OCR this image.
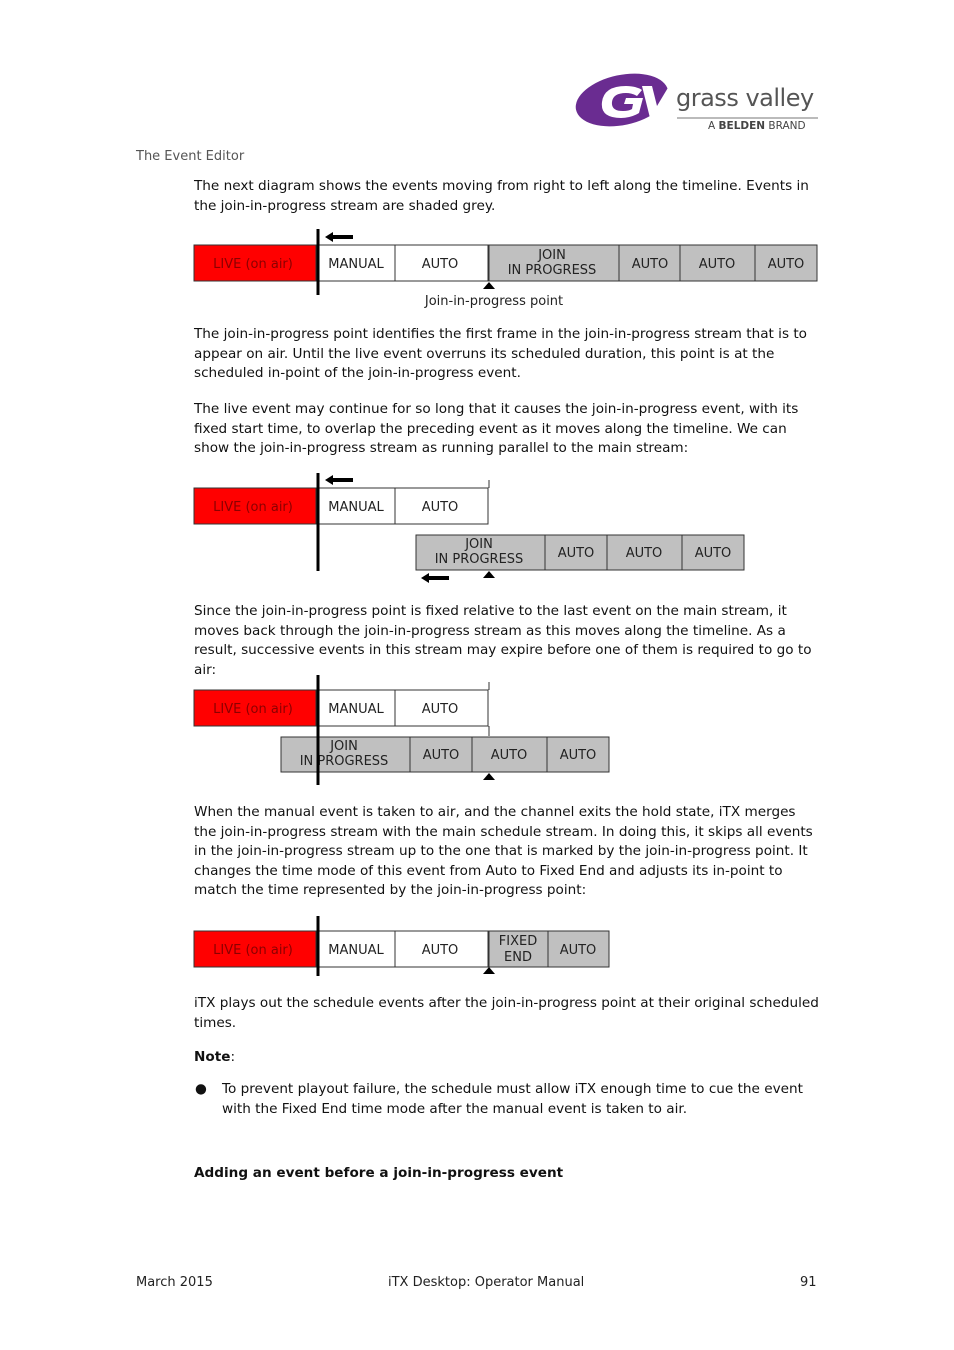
grass valley
A BELDEN BRAND
The Event Editor
The next diagram shows the events moving from right to left along the timeline. Events in the join-in-progress stream are shaded grey.
The join-in-progress point identifies the first frame in the join-in-progress stream that is to appear on air. Until the live event overruns its scheduled duration, this point is at the scheduled in-point of the join-in-progress event.
The live event may continue for so long that it causes the join-in-progress event, with its fixed start time, to overlap the preceding event as it moves along the timeline. We can show the join-in-progress stream as running parallel to the main stream:
Since the join-in-progress point is fixed relative to the last event on the main stream, it moves back through the join-in-progress stream as this moves along the timeline. As a result, successive events in this stream may expire before one of them is required to go to air:
When the manual event is taken to air, and the channel exits the hold state, iTX merges the join-in-progress stream with the main schedule stream. In doing this, it skips all events in the join-in-progress stream up to the one that is marked by the join-in-progress point. It changes the time mode of this event from Auto to Fixed End and adjusts its in-point to match the time represented by the join-in-progress point:
iTX plays out the schedule events after the join-in-progress point at their original scheduled times.
LIVE (on air)	MANUAL	AUTO
JOIN
IN PROGRESS	AUTO AUTO AUTO
Join-in-progress point
LIVE (on air)	MANUAL	AUTO
JOIN
IN PROGRESS	AUTO AUTO AUTO
LIVE (on air)	MANUAL	AUTO
JOIN
IN PROGRESS	AUTO AUTO AUTO
LIVE (on air)	MANUAL	AUTO
FIXED
END AUTO
Note:
● To prevent playout failure, the schedule must allow iTX enough time to cue the event with the Fixed End time mode after the manual event is taken to air.
Adding an event before a join-in-progress event
March 2015	iTX Desktop: Operator Manual	91
